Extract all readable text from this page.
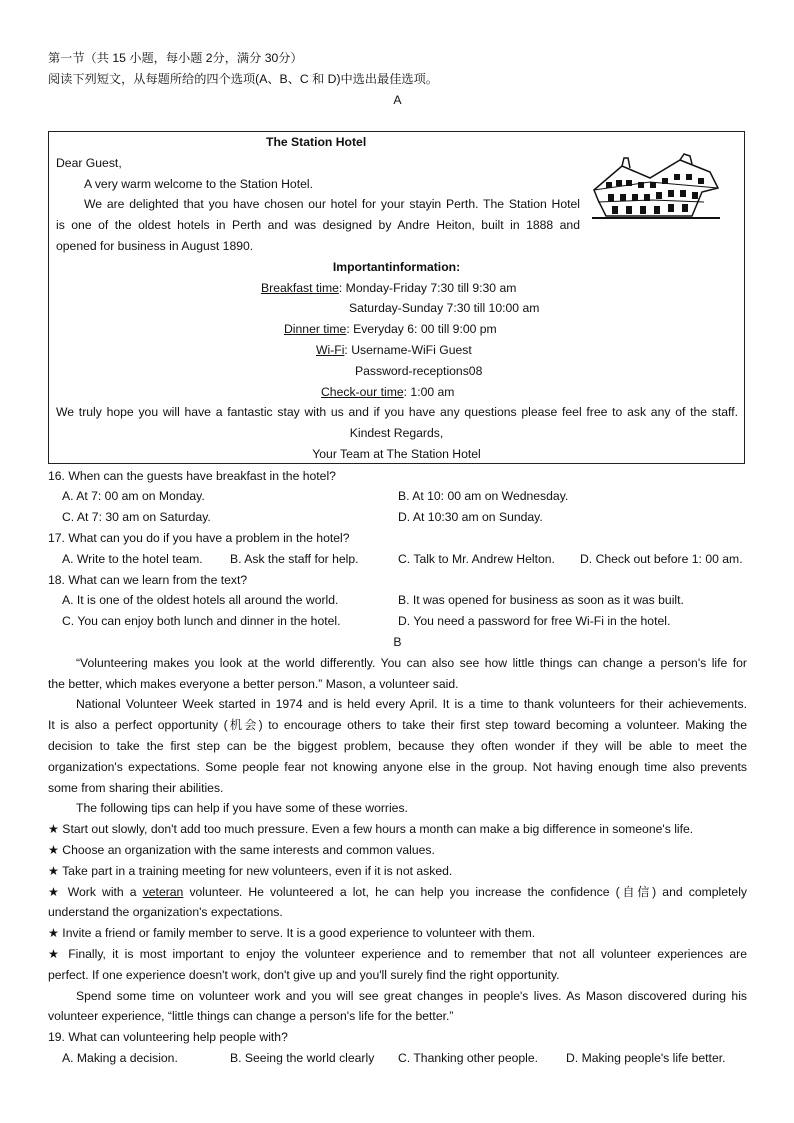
第一节（共 15 小题，每小题 2分，满分 30分）
阅读下列短文，从每题所给的四个选项(A、B、C 和 D)中选出最佳选项。
A
The Station Hotel
Dear Guest,
A very warm welcome to the Station Hotel.
We are delighted that you have chosen our hotel for your stayin Perth. The Station Hotel
is one of the oldest hotels in Perth and was designed by Andre Heiton, built in 1888 and
opened for business in August 1890.
Importantinformation:
Breakfast time: Monday-Friday 7:30 till 9:30 am
Saturday-Sunday 7:30 till 10:00 am
Dinner time: Everyday 6: 00 till 9:00 pm
Wi-Fi: Username-WiFi Guest
Password-receptions08
Check-our time: 1:00 am
We truly hope you will have a fantastic stay with us and if you have any questions please feel free to ask any of the staff.
Kindest Regards,
Your Team at The Station Hotel
16. When can the guests have breakfast in the hotel?
A. At 7: 00 am on Monday.	B. At 10: 00 am on Wednesday.
C. At 7: 30 am on Saturday.	D. At 10:30 am on Sunday.
17. What can you do if you have a problem in the hotel?
A. Write to the hotel team. B. Ask the staff for help.	C. Talk to Mr. Andrew Helton. D. Check out before 1: 00 am.
18. What can we learn from the text?
A. It is one of the oldest hotels all around the world.	B. It was opened for business as soon as it was built.
C. You can enjoy both lunch and dinner in the hotel.	D. You need a password for free Wi-Fi in the hotel.
B
“Volunteering makes you look at the world differently. You can also see how little things can change a person's life for
the better, which makes everyone a better person.” Mason, a volunteer said.
National Volunteer Week started in 1974 and is held every April. It is a time to thank volunteers for their achievements.
It is also a perfect opportunity (机会) to encourage others to take their first step toward becoming a volunteer. Making the
decision to take the first step can be the biggest problem, because they often wonder if they will be able to meet the
organization's expectations. Some people fear not knowing anyone else in the group. Not having enough time also prevents
some from sharing their abilities.
The following tips can help if you have some of these worries.
★ Start out slowly, don't add too much pressure. Even a few hours a month can make a big difference in someone's life.
★ Choose an organization with the same interests and common values.
★ Take part in a training meeting for new volunteers, even if it is not asked.
★ Work with a veteran volunteer. He volunteered a lot, he can help you increase the confidence (自信) and completely
understand the organization's expectations.
★ Invite a friend or family member to serve. It is a good experience to volunteer with them.
★ Finally, it is most important to enjoy the volunteer experience and to remember that not all volunteer experiences are
perfect. If one experience doesn't work, don't give up and you'll surely find the right opportunity.
Spend some time on volunteer work and you will see great changes in people's lives. As Mason discovered during his
volunteer experience, “little things can change a person's life for the better.”
19. What can volunteering help people with?
A. Making a decision.	B. Seeing the world clearly C. Thanking other people. D. Making people's life better.
